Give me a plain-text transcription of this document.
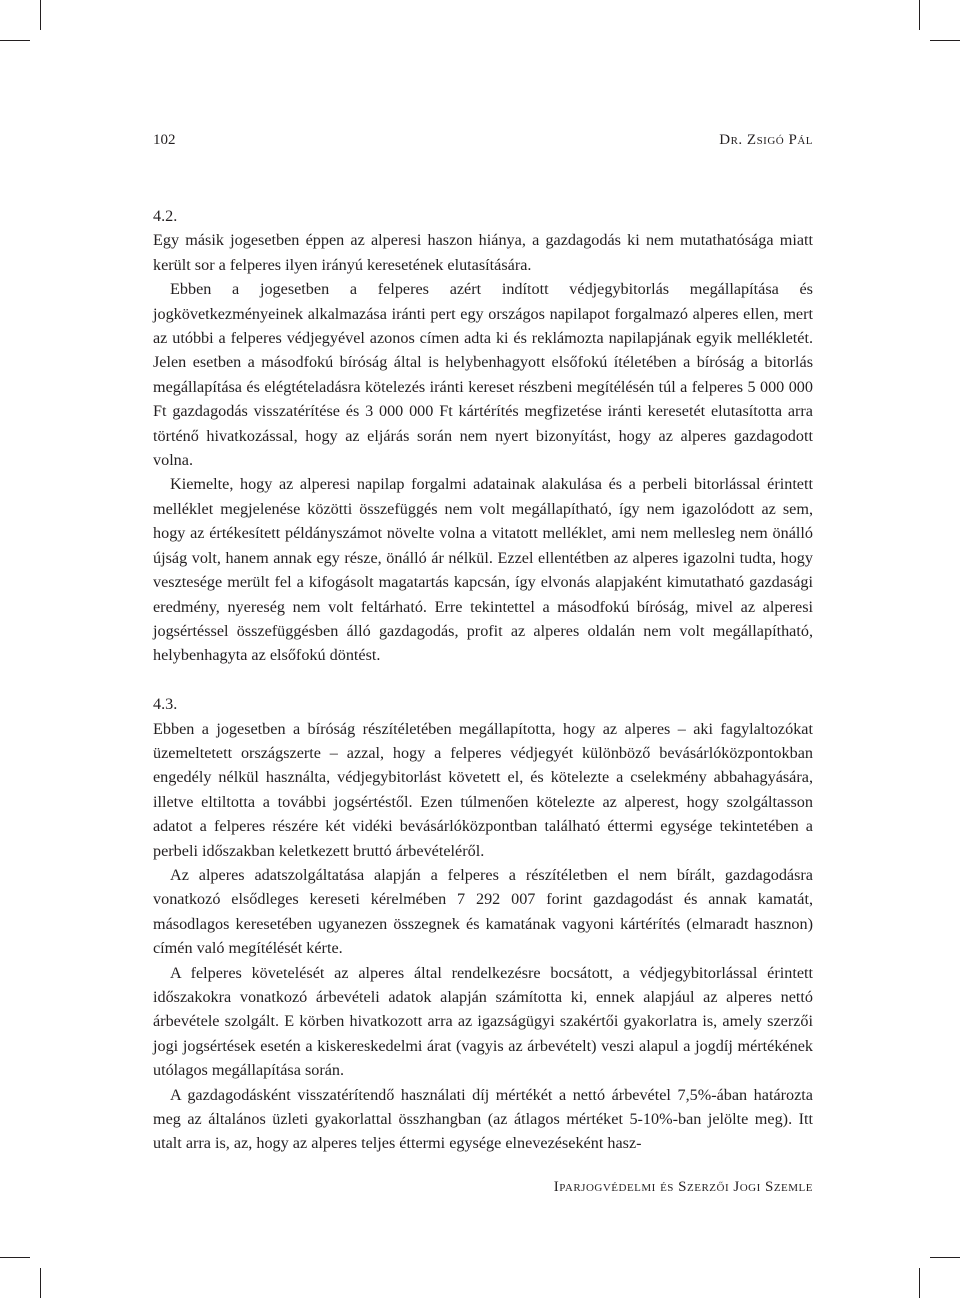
102	Dr. Zsigó Pál

4.2.

Egy másik jogesetben éppen az alperesi haszon hiánya, a gazdagodás ki nem mutathatósága miatt került sor a felperes ilyen irányú keresetének elutasítására.

Ebben a jogesetben a felperes azért indított védjegybitorlás megállapítása és jogkövetkezményeinek alkalmazása iránti pert egy országos napilapot forgalmazó alperes ellen, mert az utóbbi a felperes védjegyével azonos címen adta ki és reklámozta napilapjának egyik mellékletét. Jelen esetben a másodfokú bíróság által is helybenhagyott elsőfokú ítéletében a bíróság a bitorlás megállapítása és elégtételadásra kötelezés iránti kereset részbeni megítélésén túl a felperes 5 000 000 Ft gazdagodás visszatérítése és 3 000 000 Ft kártérítés megfizetése iránti keresetét elutasította arra történő hivatkozással, hogy az eljárás során nem nyert bizonyítást, hogy az alperes gazdagodott volna.

Kiemelte, hogy az alperesi napilap forgalmi adatainak alakulása és a perbeli bitorlással érintett melléklet megjelenése közötti összefüggés nem volt megállapítható, így nem igazolódott az sem, hogy az értékesített példányszámot növelte volna a vitatott melléklet, ami nem mellesleg nem önálló újság volt, hanem annak egy része, önálló ár nélkül. Ezzel ellentétben az alperes igazolni tudta, hogy vesztesége merült fel a kifogásolt magatartás kapcsán, így elvonás alapjaként kimutatható gazdasági eredmény, nyereség nem volt feltárható. Erre tekintettel a másodfokú bíróság, mivel az alperesi jogsértéssel összefüggésben álló gazdagodás, profit az alperes oldalán nem volt megállapítható, helybenhagyta az elsőfokú döntést.

4.3.

Ebben a jogesetben a bíróság részítéletében megállapította, hogy az alperes – aki fagylaltozókat üzemeltetett országszerte – azzal, hogy a felperes védjegyét különböző bevásárlóközpontokban engedély nélkül használta, védjegybitorlást követett el, és kötelezte a cselekmény abbahagyására, illetve eltiltotta a további jogsértéstől. Ezen túlmenően kötelezte az alperest, hogy szolgáltasson adatot a felperes részére két vidéki bevásárlóközpontban található éttermi egysége tekintetében a perbeli időszakban keletkezett bruttó árbevételéről.

Az alperes adatszolgáltatása alapján a felperes a részítéletben el nem bírált, gazdagodásra vonatkozó elsődleges kereseti kérelmében 7 292 007 forint gazdagodást és annak kamatát, másodlagos keresetében ugyanezen összegnek és kamatának vagyoni kártérítés (elmaradt hasznon) címén való megítélését kérte.

A felperes követelését az alperes által rendelkezésre bocsátott, a védjegybitorlással érintett időszakokra vonatkozó árbevételi adatok alapján számította ki, ennek alapjául az alperes nettó árbevétele szolgált. E körben hivatkozott arra az igazságügyi szakértői gyakorlatra is, amely szerzői jogi jogsértések esetén a kiskereskedelmi árat (vagyis az árbevételt) veszi alapul a jogdíj mértékének utólagos megállapítása során.

A gazdagodásként visszatérítendő használati díj mértékét a nettó árbevétel 7,5%-ában határozta meg az általános üzleti gyakorlattal összhangban (az átlagos mértéket 5-10%-ban jelölte meg). Itt utalt arra is, az, hogy az alperes teljes éttermi egysége elnevezéseként hasz-

Iparjogvédelmi és Szerzői Jogi Szemle
